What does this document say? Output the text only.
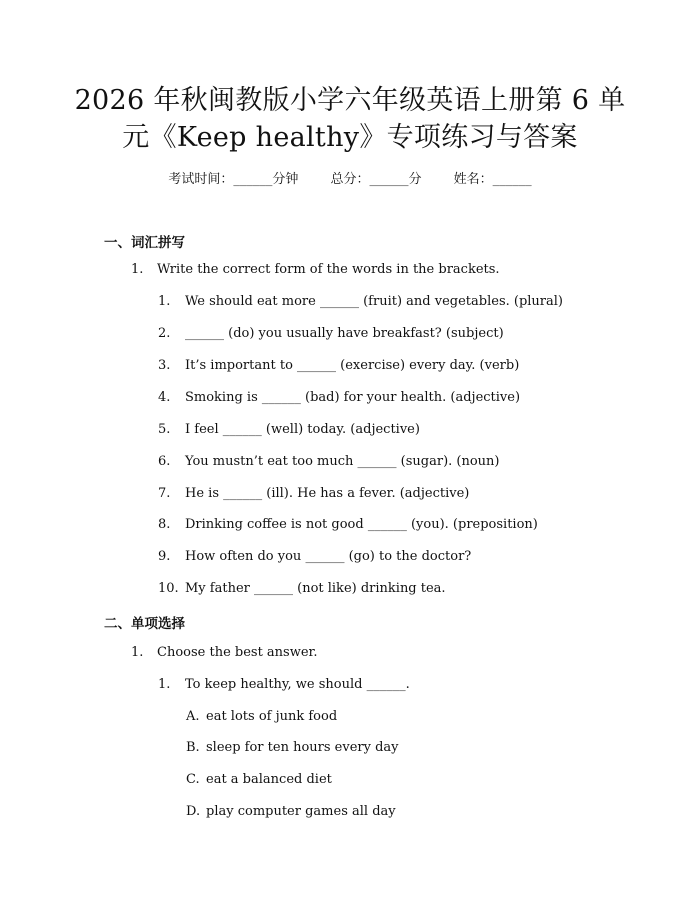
2026 年秋闽教版小学六年级英语上册第 6 单
元《Keep healthy》专项练习与答案
考试时间：______分钟 总分：______分 姓名：______
一、词汇拼写
1. Write the correct form of the words in the brackets.
1. We should eat more ______ (fruit) and vegetables. (plural)
2. ______ (do) you usually have breakfast? (subject)
3. It’s important to ______ (exercise) every day. (verb)
4. Smoking is ______ (bad) for your health. (adjective)
5. I feel ______ (well) today. (adjective)
6. You mustn’t eat too much ______ (sugar). (noun)
7. He is ______ (ill). He has a fever. (adjective)
8. Drinking coffee is not good ______ (you). (preposition)
9. How often do you ______ (go) to the doctor?
10. My father ______ (not like) drinking tea.
二、单项选择
1. Choose the best answer.
1. To keep healthy, we should ______.
A. eat lots of junk food
B. sleep for ten hours every day
C. eat a balanced diet
D. play computer games all day
